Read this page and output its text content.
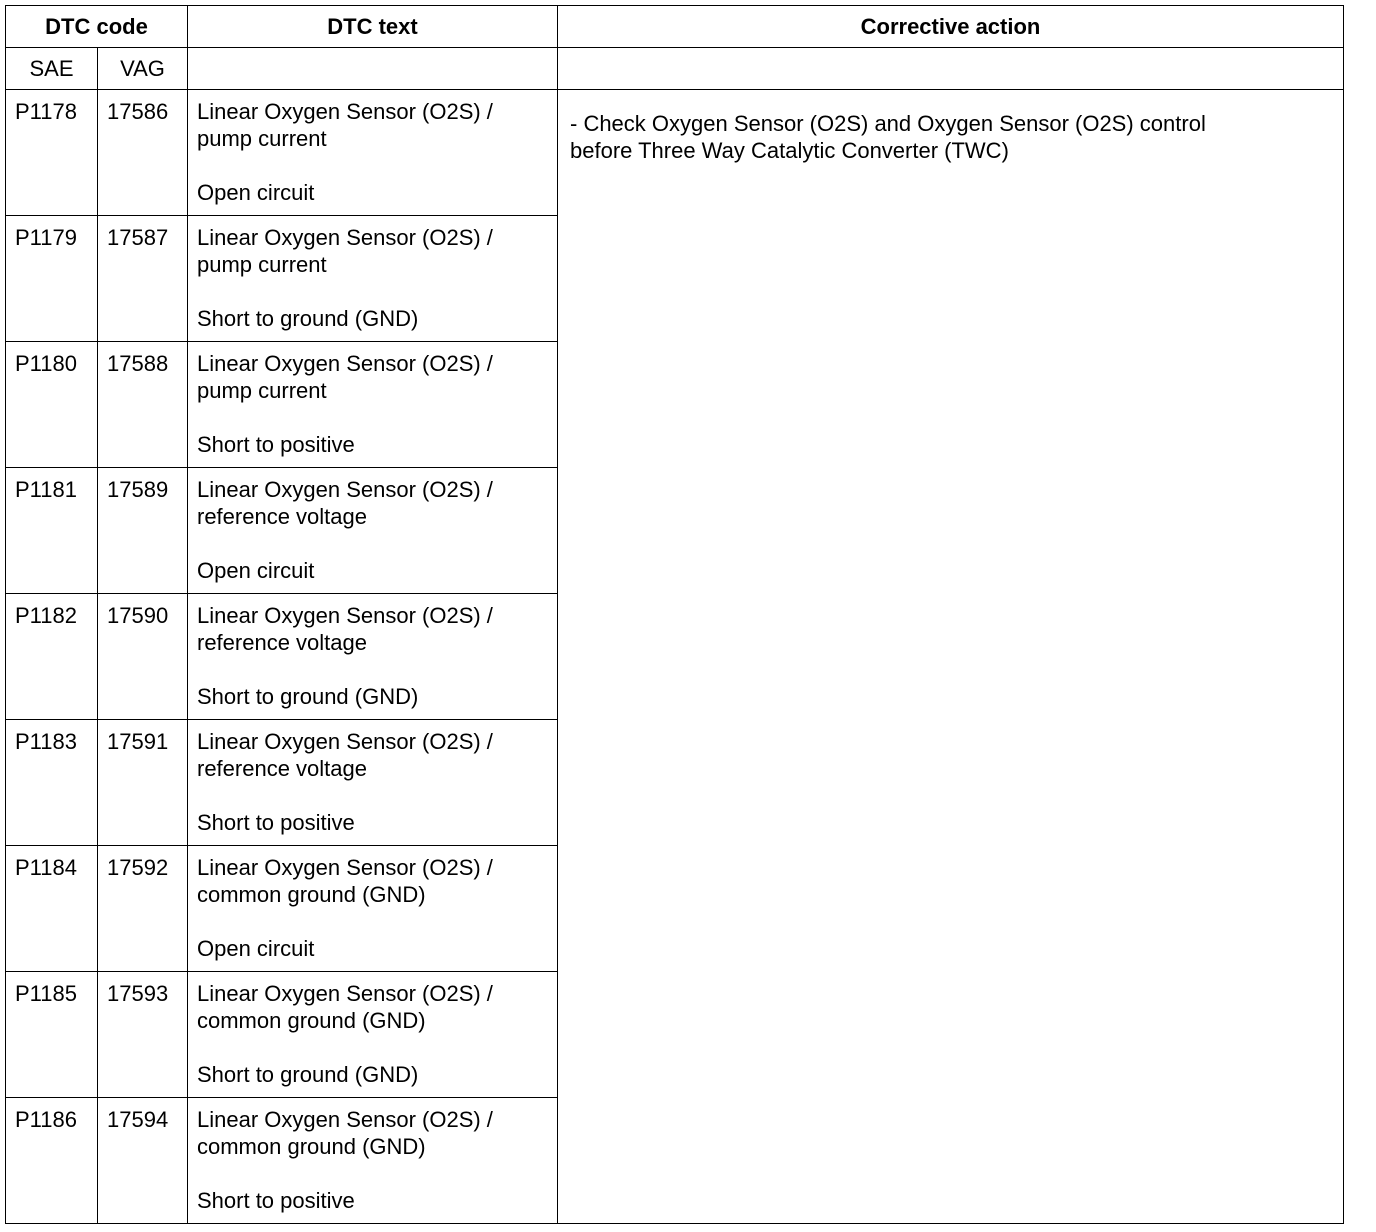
DTC code		DTC text	Corrective action
SAE	VAG		
P1178	17586	Linear Oxygen Sensor (O2S) /
pump current
Open circuit	- Check Oxygen Sensor (O2S) and Oxygen Sensor (O2S) control
before Three Way Catalytic Converter (TWC)

P1179	17587	Linear Oxygen Sensor (O2S) /
pump current
Short to ground (GND)	

P1180	17588	Linear Oxygen Sensor (O2S) /
pump current
Short to positive	

P1181	17589	Linear Oxygen Sensor (O2S) /
reference voltage
Open circuit	

P1182	17590	Linear Oxygen Sensor (O2S) /
reference voltage
Short to ground (GND)	

P1183	17591	Linear Oxygen Sensor (O2S) /
reference voltage
Short to positive	

P1184	17592	Linear Oxygen Sensor (O2S) /
common ground (GND)
Open circuit	

P1185	17593	Linear Oxygen Sensor (O2S) /
common ground (GND)
Short to ground (GND)	

P1186	17594	Linear Oxygen Sensor (O2S) /
common ground (GND)
Short to positive	
